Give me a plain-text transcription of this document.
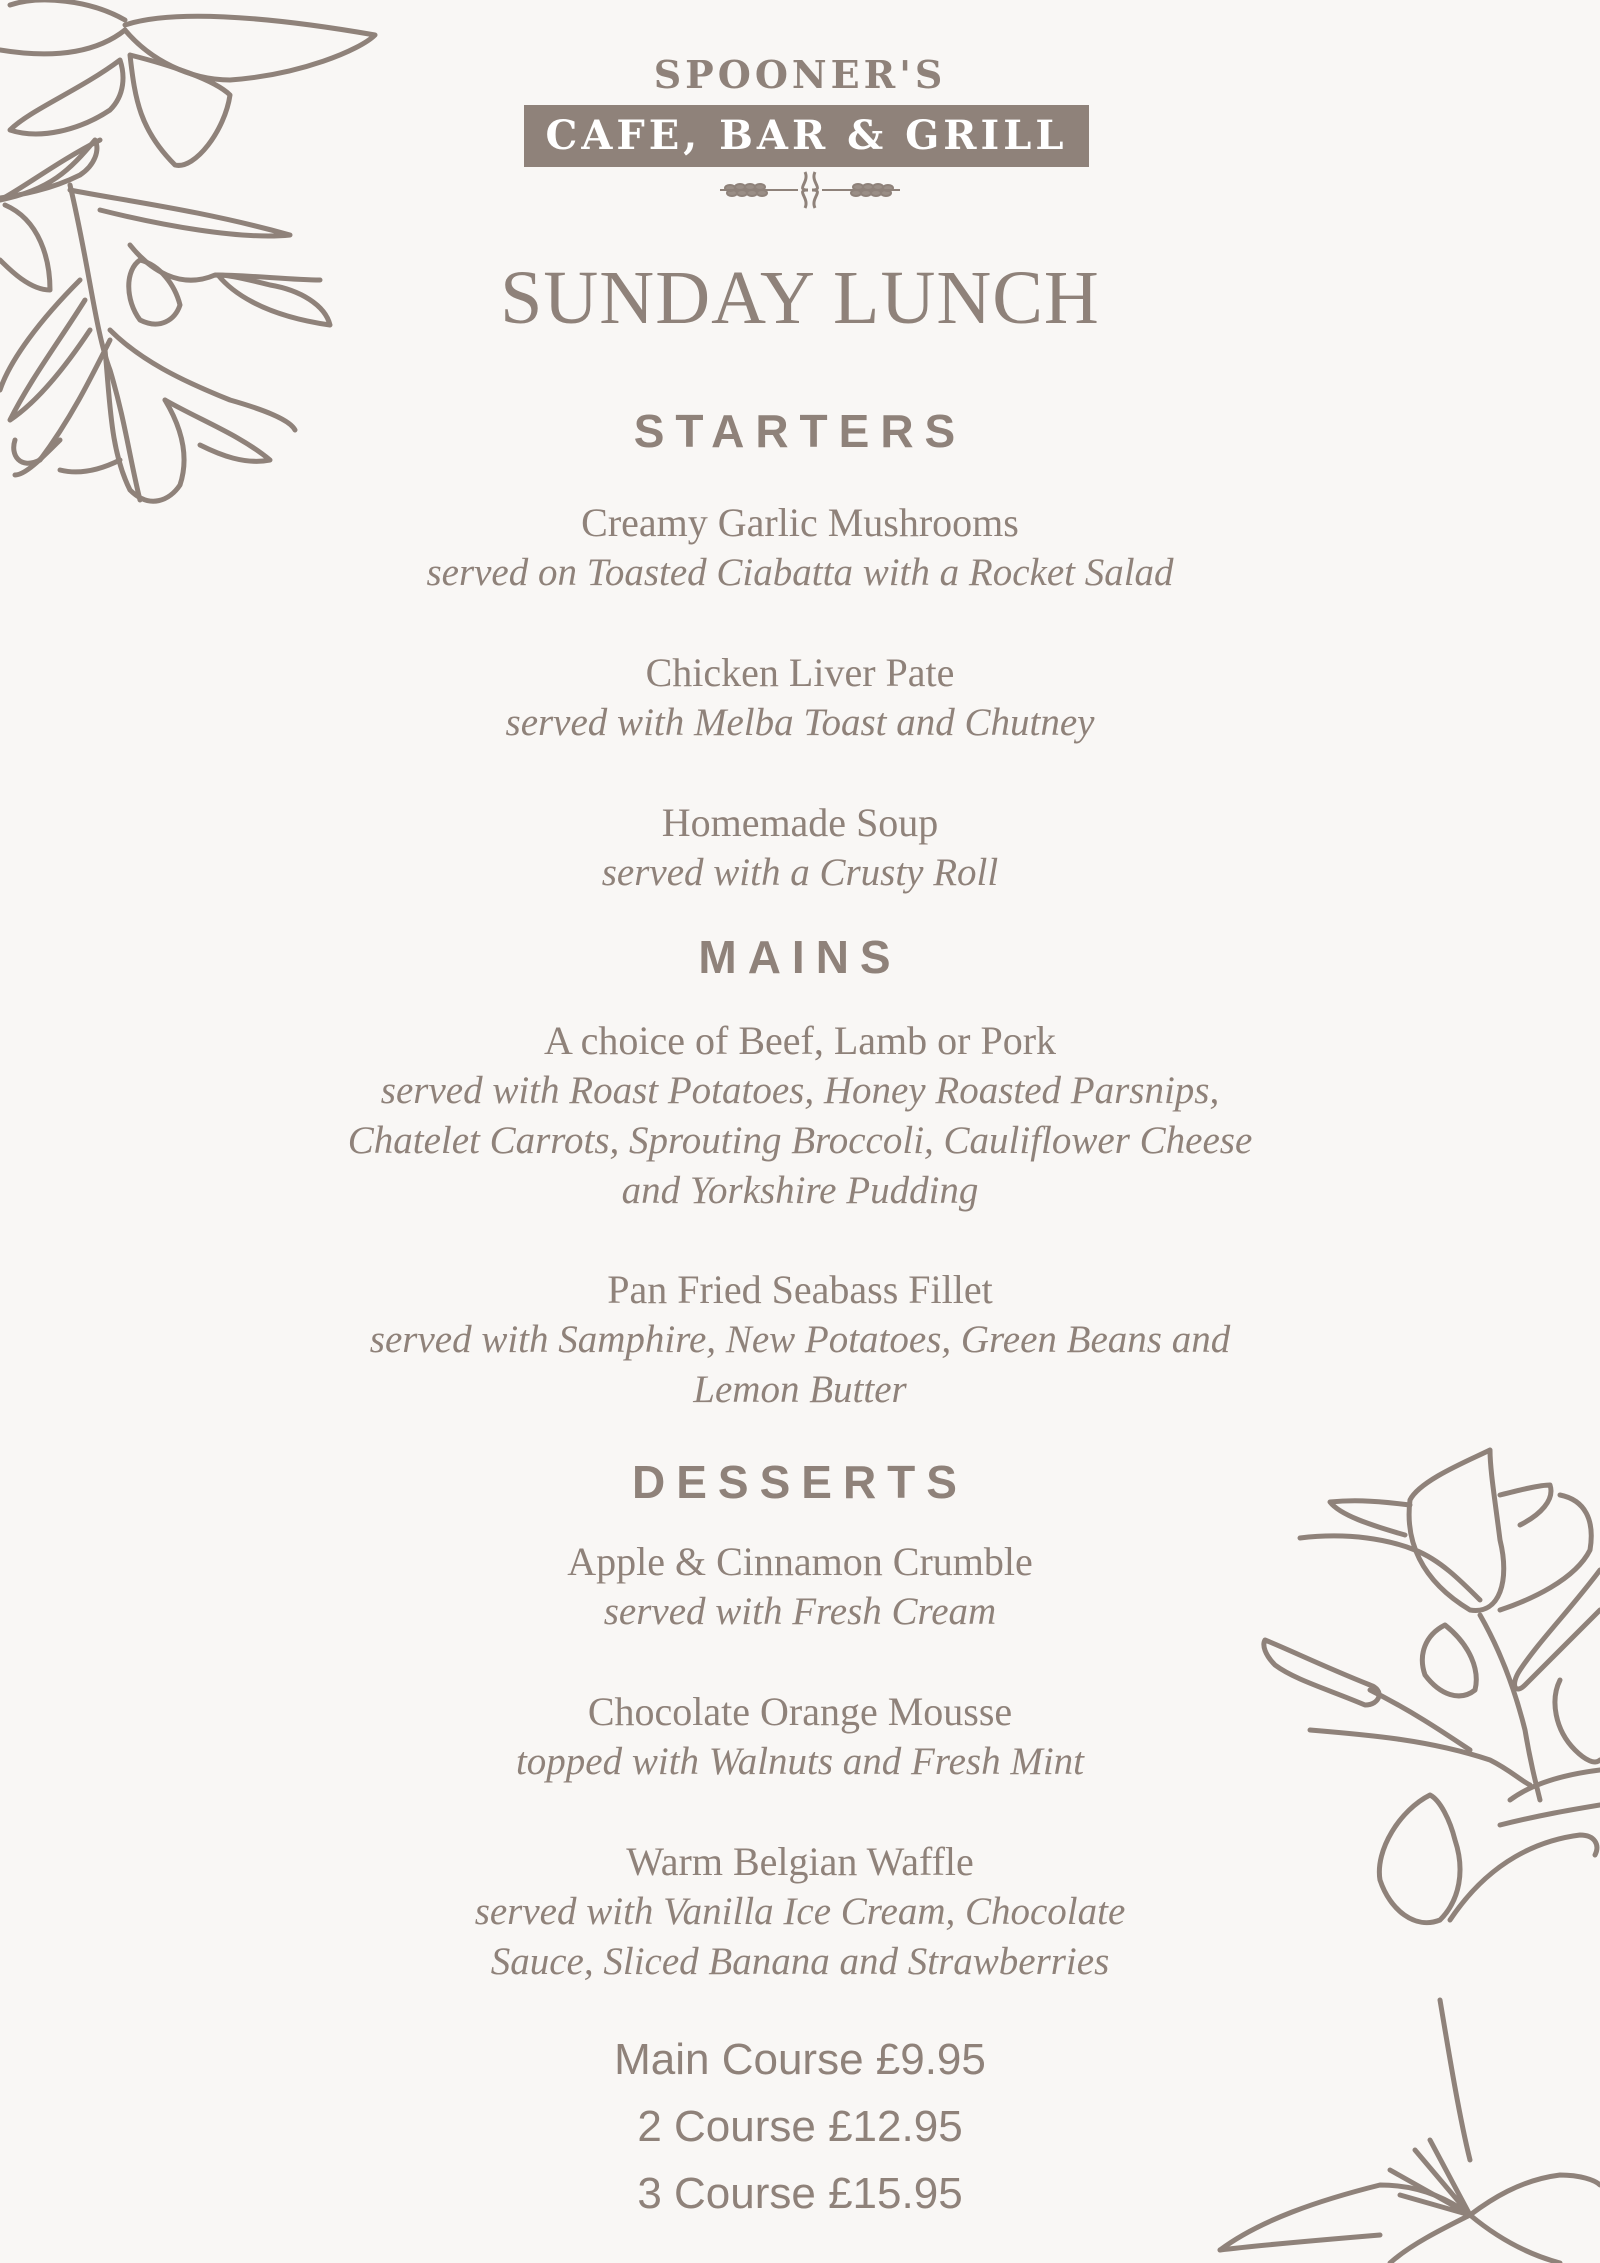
SPOONER'S
CAFE, BAR & GRILL
SUNDAY LUNCH
STARTERS
Creamy Garlic Mushrooms
served on Toasted Ciabatta with a Rocket Salad
Chicken Liver Pate
served with Melba Toast and Chutney
Homemade Soup
served with a Crusty Roll
MAINS
A choice of Beef, Lamb or Pork
served with Roast Potatoes, Honey Roasted Parsnips, Chatelet Carrots, Sprouting Broccoli, Cauliflower Cheese and Yorkshire Pudding
Pan Fried Seabass Fillet
served with Samphire, New Potatoes, Green Beans and Lemon Butter
DESSERTS
Apple & Cinnamon Crumble
served with Fresh Cream
Chocolate Orange Mousse
topped with Walnuts and Fresh Mint
Warm Belgian Waffle
served with Vanilla Ice Cream, Chocolate Sauce, Sliced Banana and Strawberries
Main Course £9.95
2 Course £12.95
3 Course £15.95
